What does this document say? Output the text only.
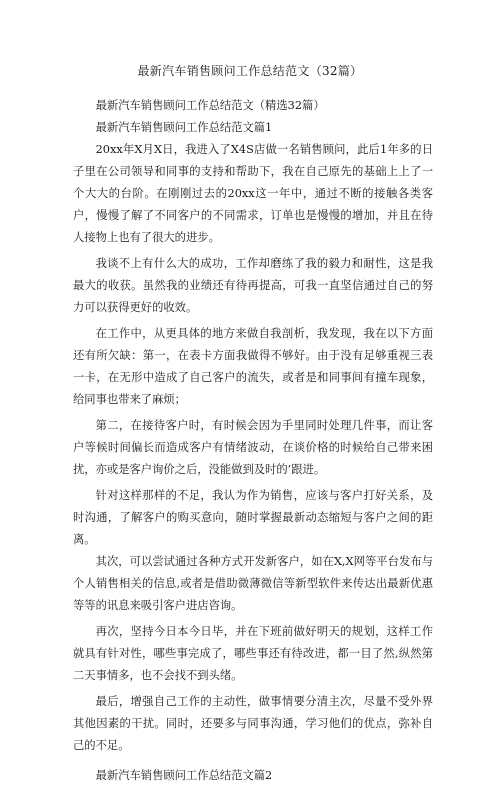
最新汽车销售顾问工作总结范文（32篇）

最新汽车销售顾问工作总结范文（精选32篇）

最新汽车销售顾问工作总结范文篇1

20xx年X月X日，我进入了X4S店做一名销售顾问，此后1年多的日子里在公司领导和同事的支持和帮助下，我在自己原先的基础上上了一个大大的台阶。在刚刚过去的20xx这一年中，通过不断的接触各类客户，慢慢了解了不同客户的不同需求，订单也是慢慢的增加，并且在待人接物上也有了很大的进步。

我谈不上有什么大的成功，工作却磨练了我的毅力和耐性，这是我最大的收获。虽然我的业绩还有待再提高，可我一直坚信通过自己的努力可以获得更好的收效。

在工作中，从更具体的地方来做自我剖析，我发现，我在以下方面还有所欠缺：第一，在表卡方面我做得不够好。由于没有足够重视三表一卡，在无形中造成了自己客户的流失，或者是和同事间有撞车现象，给同事也带来了麻烦；

第二，在接待客户时，有时候会因为手里同时处理几件事，而让客户等候时间偏长而造成客户有情绪波动，在谈价格的时候给自己带来困扰，亦或是客户询价之后，没能做到及时的’跟进。

针对这样那样的不足，我认为作为销售，应该与客户打好关系，及时沟通，了解客户的购买意向，随时掌握最新动态缩短与客户之间的距离。

其次，可以尝试通过各种方式开发新客户，如在X,X网等平台发布与个人销售相关的信息,或者是借助微薄微信等新型软件来传达出最新优惠等等的讯息来吸引客户进店咨询。

再次，坚持今日本今日毕，并在下班前做好明天的规划，这样工作就具有针对性，哪些事完成了，哪些事还有待改进，都一目了然,纵然第二天事情多，也不会找不到头绪。

最后，增强自己工作的主动性，做事情要分清主次，尽量不受外界其他因素的干扰。同时，还要多与同事沟通，学习他们的优点，弥补自己的不足。

最新汽车销售顾问工作总结范文篇2
